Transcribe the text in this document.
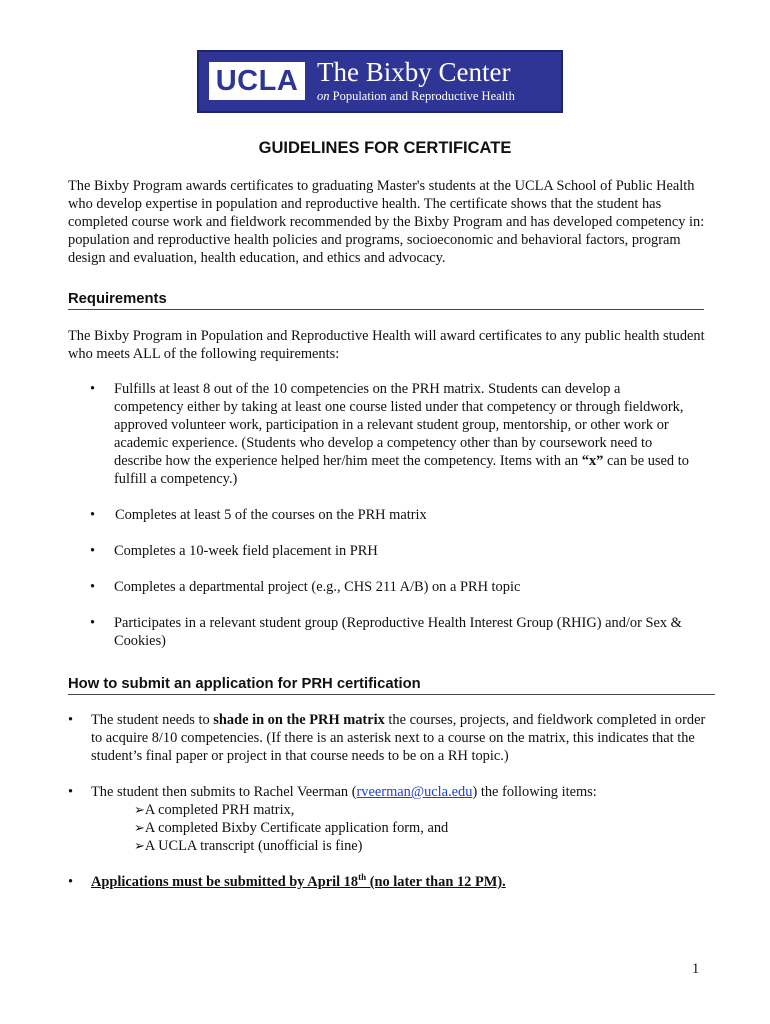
UCLA The Bixby Center
on Population and Reproductive Health
GUIDELINES FOR CERTIFICATE

The Bixby Program awards certificates to graduating Master's students at the UCLA School of Public Health who develop expertise in population and reproductive health. The certificate shows that the student has completed course work and fieldwork recommended by the Bixby Program and has developed competency in: population and reproductive health policies and programs, socioeconomic and behavioral factors, program design and evaluation, health education, and ethics and advocacy.

Requirements

The Bixby Program in Population and Reproductive Health will award certificates to any public health student who meets ALL of the following requirements:

• Fulfills at least 8 out of the 10 competencies on the PRH matrix. Students can develop a competency either by taking at least one course listed under that competency or through fieldwork, approved volunteer work, participation in a relevant student group, mentorship, or other work or academic experience. (Students who develop a competency other than by coursework need to describe how the experience helped her/him meet the competency. Items with an “x” can be used to fulfill a competency.)
• Completes at least 5 of the courses on the PRH matrix
• Completes a 10-week field placement in PRH
• Completes a departmental project (e.g., CHS 211 A/B) on a PRH topic
• Participates in a relevant student group (Reproductive Health Interest Group (RHIG) and/or Sex & Cookies)
How to submit an application for PRH certification
• The student needs to shade in on the PRH matrix the courses, projects, and fieldwork completed in order to acquire 8/10 competencies. (If there is an asterisk next to a course on the matrix, this indicates that the student’s final paper or project in that course needs to be on a RH topic.)
• The student then submits to Rachel Veerman (rveerman@ucla.edu) the following items:

➢A completed PRH matrix,

➢A completed Bixby Certificate application form, and

➢A UCLA transcript (unofficial is fine)

• Applications must be submitted by April 18th (no later than 12 PM).
1
